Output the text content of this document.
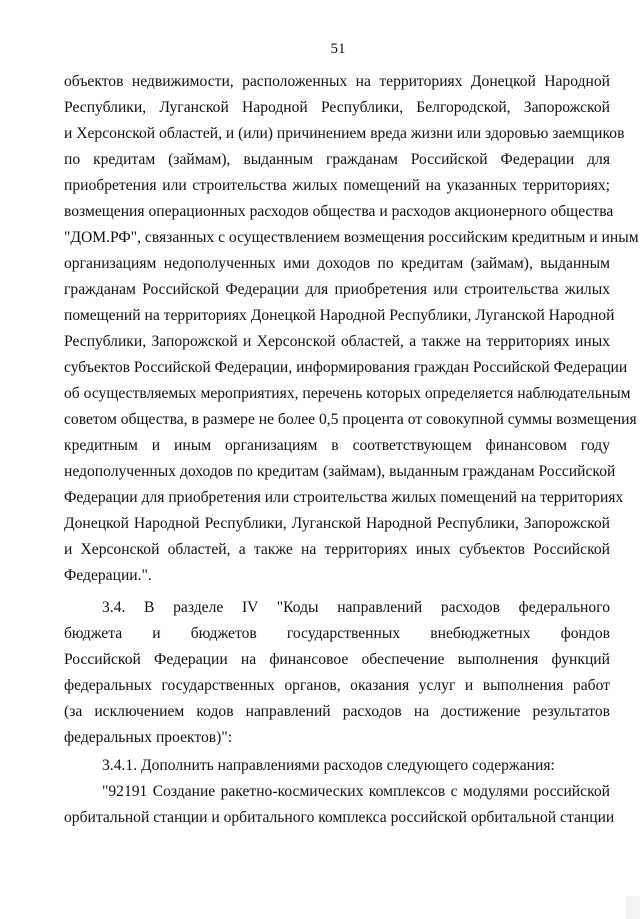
51
объектов недвижимости, расположенных на территориях Донецкой Народной
Республики, Луганской Народной Республики, Белгородской, Запорожской
и Херсонской областей, и (или) причинением вреда жизни или здоровью заемщиков
по кредитам (займам), выданным гражданам Российской Федерации для
приобретения или строительства жилых помещений на указанных территориях;
возмещения операционных расходов общества и расходов акционерного общества
"ДОМ.РФ", связанных с осуществлением возмещения российским кредитным и иным
организациям недополученных ими доходов по кредитам (займам), выданным
гражданам Российской Федерации для приобретения или строительства жилых
помещений на территориях Донецкой Народной Республики, Луганской Народной
Республики, Запорожской и Херсонской областей, а также на территориях иных
субъектов Российской Федерации, информирования граждан Российской Федерации
об осуществляемых мероприятиях, перечень которых определяется наблюдательным
советом общества, в размере не более 0,5 процента от совокупной суммы возмещения
кредитным и иным организациям в соответствующем финансовом году
недополученных доходов по кредитам (займам), выданным гражданам Российской
Федерации для приобретения или строительства жилых помещений на территориях
Донецкой Народной Республики, Луганской Народной Республики, Запорожской
и Херсонской областей, а также на территориях иных субъектов Российской
Федерации.".
3.4. В разделе IV "Коды направлений расходов федерального
бюджета и бюджетов государственных внебюджетных фондов
Российской Федерации на финансовое обеспечение выполнения функций
федеральных государственных органов, оказания услуг и выполнения работ
(за исключением кодов направлений расходов на достижение результатов
федеральных проектов)":
3.4.1. Дополнить направлениями расходов следующего содержания:
"92191 Создание ракетно-космических комплексов с модулями российской
орбитальной станции и орбитального комплекса российской орбитальной станции
